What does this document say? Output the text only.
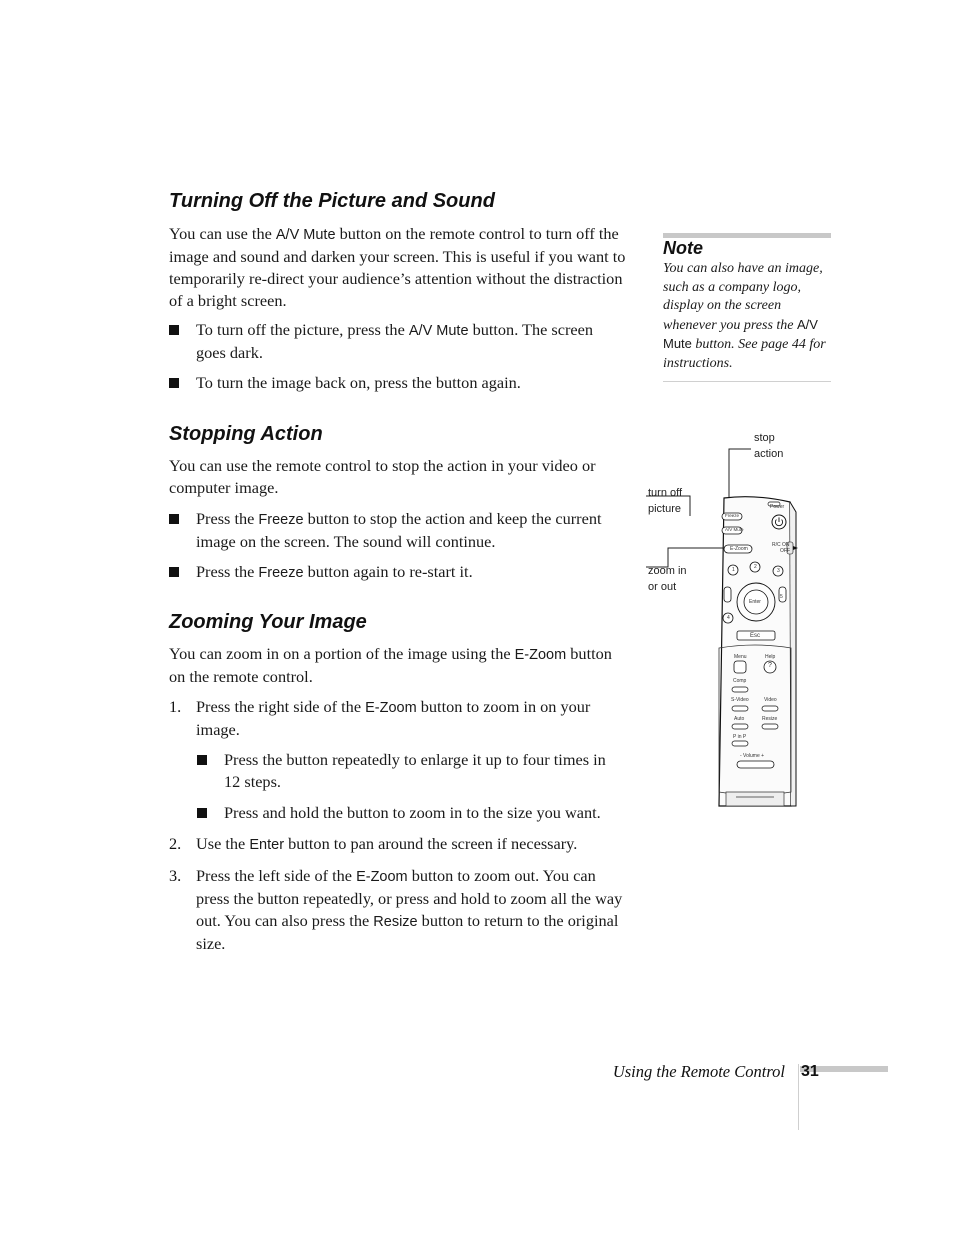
Turning Off the Picture and Sound

You can use the A/V Mute button on the remote control to turn off the image and sound and darken your screen. This is useful if you want to temporarily re-direct your audience’s attention without the distraction of a bright screen.

To turn off the picture, press the A/V Mute button. The screen goes dark.

To turn the image back on, press the button again.

Stopping Action

You can use the remote control to stop the action in your video or computer image.

Press the Freeze button to stop the action and keep the current image on the screen. The sound will continue.

Press the Freeze button again to re-start it.

Zooming Your Image

You can zoom in on a portion of the image using the E-Zoom button on the remote control.

1. Press the right side of the E-Zoom button to zoom in on your image.

Press the button repeatedly to enlarge it up to four times in 12 steps.

Press and hold the button to zoom in to the size you want.

2. Use the Enter button to pan around the screen if necessary.

3. Press the left side of the E-Zoom button to zoom out. You can press the button repeatedly, or press and hold to zoom all the way out. You can also press the Resize button to return to the original size.

Note
You can also have an image, such as a company logo, display on the screen whenever you press the A/V Mute button. See page 44 for instructions.
stop
action
turn off
picture
zoom in
or out
Freeze
A/V Mute
E-Zoom
Power
R/C ON
OFF
1	2
3
4
5
Enter
Esc
Menu	Help
?
Comp
S-Video	Video
Auto	Resize
P in P
- Volume +
Using the Remote Control 31
